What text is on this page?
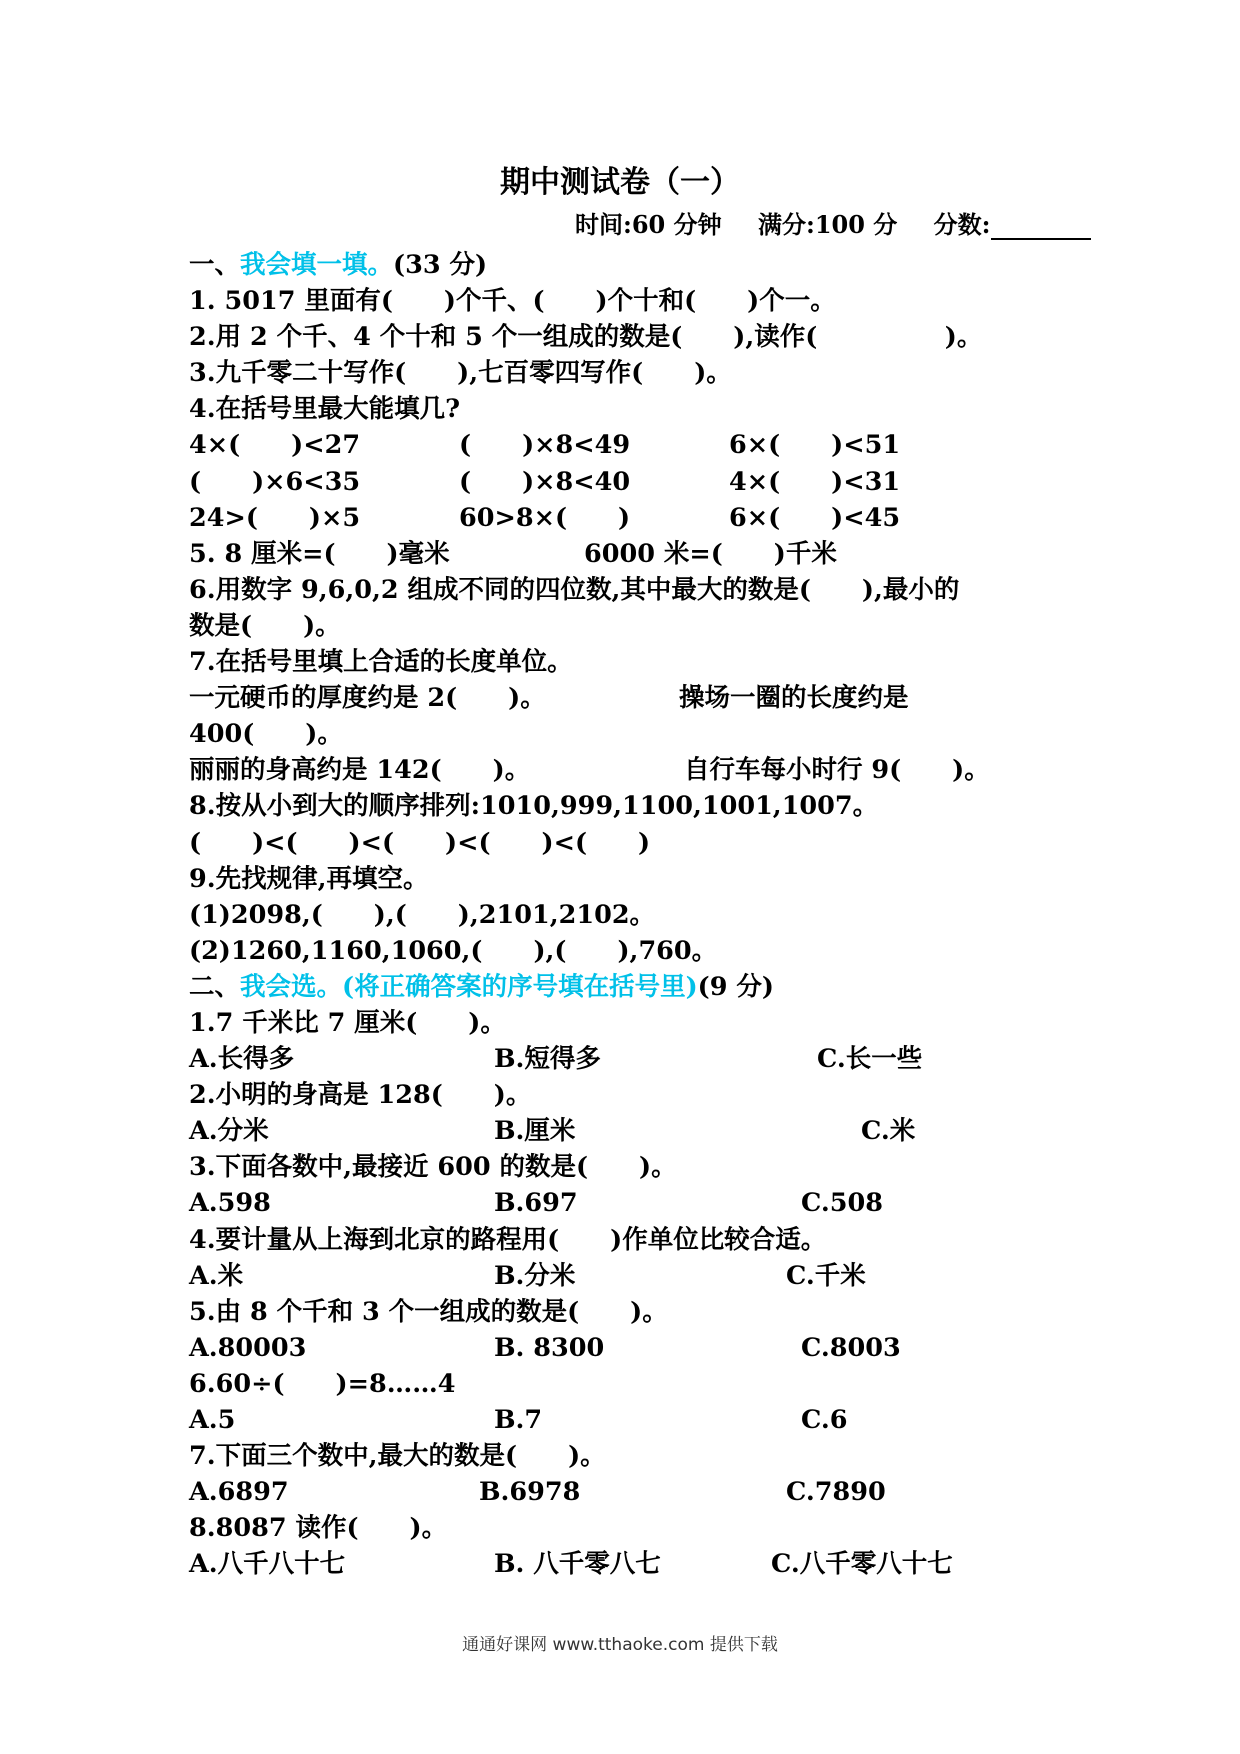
期中测试卷（一）
时间:60 分钟 满分:100 分 分数:
一、我会填一填。(33 分)
1. 5017 里面有(　　)个千、(　　)个十和(　　)个一。
2.用 2 个千、4 个十和 5 个一组成的数是(　　),读作(　　　　　)。
3.九千零二十写作(　　),七百零四写作(　　)。
4.在括号里最大能填几?
4×(　　)<27	(　　)×8<49	6×(　　)<51
(　　)×6<35	(　　)×8<40	4×(　　)<31
24>(　　)×5	60>8×(　　)	6×(　　)<45
5. 8 厘米=(　　)毫米	6000 米=(　　)千米
6.用数字 9,6,0,2 组成不同的四位数,其中最大的数是(　　),最小的
数是(　　)。
7.在括号里填上合适的长度单位。
一元硬币的厚度约是 2(　　)。	操场一圈的长度约是
400(　　)。
丽丽的身高约是 142(　　)。	自行车每小时行 9(　　)。
8.按从小到大的顺序排列:1010,999,1100,1001,1007。
(　　)<(　　)<(　　)<(　　)<(　　)
9.先找规律,再填空。
(1)2098,(　　),(　　),2101,2102。
(2)1260,1160,1060,(　　),(　　),760。
二、我会选。(将正确答案的序号填在括号里)(9 分)
1.7 千米比 7 厘米(　　)。
A.长得多	B.短得多	C.长一些
2.小明的身高是 128(　　)。
A.分米	B.厘米	C.米
3.下面各数中,最接近 600 的数是(　　)。
A.598	B.697	C.508
4.要计量从上海到北京的路程用(　　)作单位比较合适。
A.米	B.分米	C.千米
5.由 8 个千和 3 个一组成的数是(　　)。
A.80003	B. 8300	C.8003
6.60÷(　　)=8……4
A.5	B.7	C.6
7.下面三个数中,最大的数是(　　)。
A.6897	B.6978	C.7890
8.8087 读作(　　)。
A.八千八十七	B. 八千零八七	C.八千零八十七
通通好课网 www.tthaoke.com 提供下载
